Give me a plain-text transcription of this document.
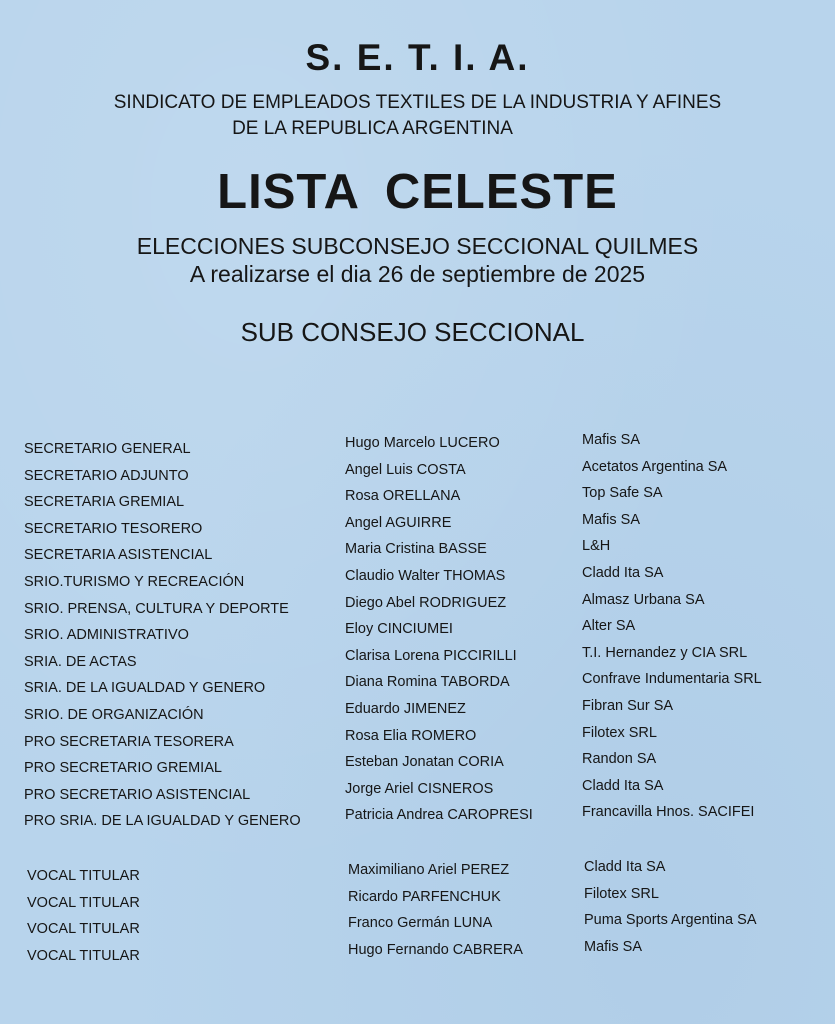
S. E. T. I. A.

SINDICATO DE EMPLEADOS TEXTILES DE LA INDUSTRIA Y AFINES

DE LA REPUBLICA ARGENTINA

LISTA CELESTE

ELECCIONES SUBCONSEJO SECCIONAL QUILMES

A realizarse el dia 26 de septiembre de 2025

SUB CONSEJO SECCIONAL

SECRETARIO GENERAL	Hugo Marcelo LUCERO	Mafis SA
SECRETARIO ADJUNTO	Angel Luis COSTA	Acetatos Argentina SA
SECRETARIA GREMIAL	Rosa ORELLANA	Top Safe SA
SECRETARIO TESORERO	Angel AGUIRRE	Mafis SA
SECRETARIA ASISTENCIAL	Maria Cristina BASSE	L&H
SRIO.TURISMO Y RECREACIÓN	Claudio Walter THOMAS	Cladd Ita SA
SRIO. PRENSA, CULTURA Y DEPORTE	Diego Abel RODRIGUEZ	Almasz Urbana SA
SRIO. ADMINISTRATIVO	Eloy CINCIUMEI	Alter SA
SRIA. DE ACTAS	Clarisa Lorena PICCIRILLI	T.I. Hernandez y CIA SRL
SRIA. DE LA IGUALDAD Y GENERO	Diana Romina TABORDA	Confrave Indumentaria SRL
SRIO. DE ORGANIZACIÓN	Eduardo JIMENEZ	Fibran Sur SA
PRO SECRETARIA TESORERA	Rosa Elia ROMERO	Filotex SRL
PRO SECRETARIO GREMIAL	Esteban Jonatan CORIA	Randon SA
PRO SECRETARIO ASISTENCIAL	Jorge Ariel CISNEROS	Cladd Ita SA
PRO SRIA. DE LA IGUALDAD Y GENERO	Patricia Andrea CAROPRESI	Francavilla Hnos. SACIFEI
VOCAL TITULAR	Maximiliano Ariel PEREZ	Cladd Ita SA
VOCAL TITULAR	Ricardo PARFENCHUK	Filotex SRL
VOCAL TITULAR	Franco Germán LUNA	Puma Sports Argentina SA
VOCAL TITULAR	Hugo Fernando CABRERA	Mafis SA
